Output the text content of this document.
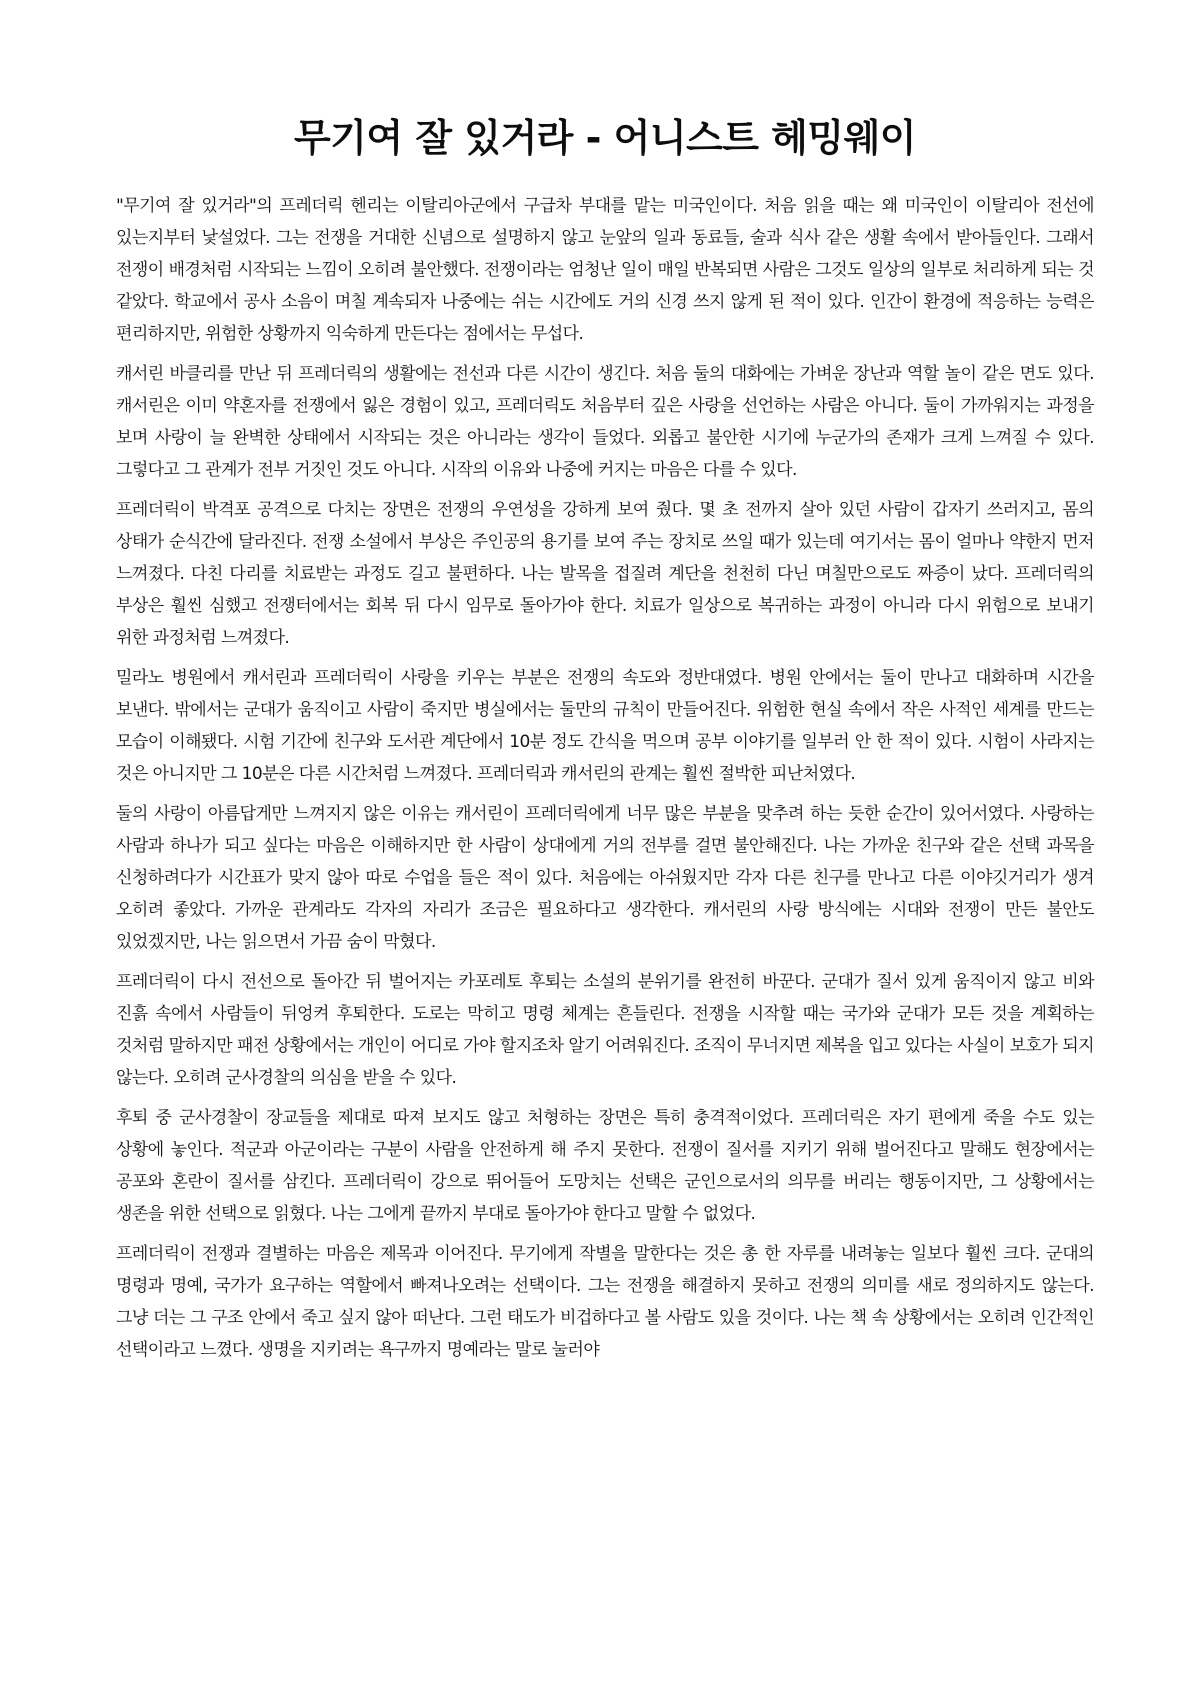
무기여 잘 있거라 - 어니스트 헤밍웨이

"무기여 잘 있거라"의 프레더릭 헨리는 이탈리아군에서 구급차 부대를 맡는 미국인이다. 처음 읽을 때는 왜 미국인이 이탈리아 전선에 있는지부터 낯설었다. 그는 전쟁을 거대한 신념으로 설명하지 않고 눈앞의 일과 동료들, 술과 식사 같은 생활 속에서 받아들인다. 그래서 전쟁이 배경처럼 시작되는 느낌이 오히려 불안했다. 전쟁이라는 엄청난 일이 매일 반복되면 사람은 그것도 일상의 일부로 처리하게 되는 것 같았다. 학교에서 공사 소음이 며칠 계속되자 나중에는 쉬는 시간에도 거의 신경 쓰지 않게 된 적이 있다. 인간이 환경에 적응하는 능력은 편리하지만, 위험한 상황까지 익숙하게 만든다는 점에서는 무섭다.

캐서린 바클리를 만난 뒤 프레더릭의 생활에는 전선과 다른 시간이 생긴다. 처음 둘의 대화에는 가벼운 장난과 역할 놀이 같은 면도 있다. 캐서린은 이미 약혼자를 전쟁에서 잃은 경험이 있고, 프레더릭도 처음부터 깊은 사랑을 선언하는 사람은 아니다. 둘이 가까워지는 과정을 보며 사랑이 늘 완벽한 상태에서 시작되는 것은 아니라는 생각이 들었다. 외롭고 불안한 시기에 누군가의 존재가 크게 느껴질 수 있다. 그렇다고 그 관계가 전부 거짓인 것도 아니다. 시작의 이유와 나중에 커지는 마음은 다를 수 있다.

프레더릭이 박격포 공격으로 다치는 장면은 전쟁의 우연성을 강하게 보여 줬다. 몇 초 전까지 살아 있던 사람이 갑자기 쓰러지고, 몸의 상태가 순식간에 달라진다. 전쟁 소설에서 부상은 주인공의 용기를 보여 주는 장치로 쓰일 때가 있는데 여기서는 몸이 얼마나 약한지 먼저 느껴졌다. 다친 다리를 치료받는 과정도 길고 불편하다. 나는 발목을 접질려 계단을 천천히 다닌 며칠만으로도 짜증이 났다. 프레더릭의 부상은 훨씬 심했고 전쟁터에서는 회복 뒤 다시 임무로 돌아가야 한다. 치료가 일상으로 복귀하는 과정이 아니라 다시 위험으로 보내기 위한 과정처럼 느껴졌다.

밀라노 병원에서 캐서린과 프레더릭이 사랑을 키우는 부분은 전쟁의 속도와 정반대였다. 병원 안에서는 둘이 만나고 대화하며 시간을 보낸다. 밖에서는 군대가 움직이고 사람이 죽지만 병실에서는 둘만의 규칙이 만들어진다. 위험한 현실 속에서 작은 사적인 세계를 만드는 모습이 이해됐다. 시험 기간에 친구와 도서관 계단에서 10분 정도 간식을 먹으며 공부 이야기를 일부러 안 한 적이 있다. 시험이 사라지는 것은 아니지만 그 10분은 다른 시간처럼 느껴졌다. 프레더릭과 캐서린의 관계는 훨씬 절박한 피난처였다.

둘의 사랑이 아름답게만 느껴지지 않은 이유는 캐서린이 프레더릭에게 너무 많은 부분을 맞추려 하는 듯한 순간이 있어서였다. 사랑하는 사람과 하나가 되고 싶다는 마음은 이해하지만 한 사람이 상대에게 거의 전부를 걸면 불안해진다. 나는 가까운 친구와 같은 선택 과목을 신청하려다가 시간표가 맞지 않아 따로 수업을 들은 적이 있다. 처음에는 아쉬웠지만 각자 다른 친구를 만나고 다른 이야깃거리가 생겨 오히려 좋았다. 가까운 관계라도 각자의 자리가 조금은 필요하다고 생각한다. 캐서린의 사랑 방식에는 시대와 전쟁이 만든 불안도 있었겠지만, 나는 읽으면서 가끔 숨이 막혔다.

프레더릭이 다시 전선으로 돌아간 뒤 벌어지는 카포레토 후퇴는 소설의 분위기를 완전히 바꾼다. 군대가 질서 있게 움직이지 않고 비와 진흙 속에서 사람들이 뒤엉켜 후퇴한다. 도로는 막히고 명령 체계는 흔들린다. 전쟁을 시작할 때는 국가와 군대가 모든 것을 계획하는 것처럼 말하지만 패전 상황에서는 개인이 어디로 가야 할지조차 알기 어려워진다. 조직이 무너지면 제복을 입고 있다는 사실이 보호가 되지 않는다. 오히려 군사경찰의 의심을 받을 수 있다.

후퇴 중 군사경찰이 장교들을 제대로 따져 보지도 않고 처형하는 장면은 특히 충격적이었다. 프레더릭은 자기 편에게 죽을 수도 있는 상황에 놓인다. 적군과 아군이라는 구분이 사람을 안전하게 해 주지 못한다. 전쟁이 질서를 지키기 위해 벌어진다고 말해도 현장에서는 공포와 혼란이 질서를 삼킨다. 프레더릭이 강으로 뛰어들어 도망치는 선택은 군인으로서의 의무를 버리는 행동이지만, 그 상황에서는 생존을 위한 선택으로 읽혔다. 나는 그에게 끝까지 부대로 돌아가야 한다고 말할 수 없었다.

프레더릭이 전쟁과 결별하는 마음은 제목과 이어진다. 무기에게 작별을 말한다는 것은 총 한 자루를 내려놓는 일보다 훨씬 크다. 군대의 명령과 명예, 국가가 요구하는 역할에서 빠져나오려는 선택이다. 그는 전쟁을 해결하지 못하고 전쟁의 의미를 새로 정의하지도 않는다. 그냥 더는 그 구조 안에서 죽고 싶지 않아 떠난다. 그런 태도가 비겁하다고 볼 사람도 있을 것이다. 나는 책 속 상황에서는 오히려 인간적인 선택이라고 느꼈다. 생명을 지키려는 욕구까지 명예라는 말로 눌러야
